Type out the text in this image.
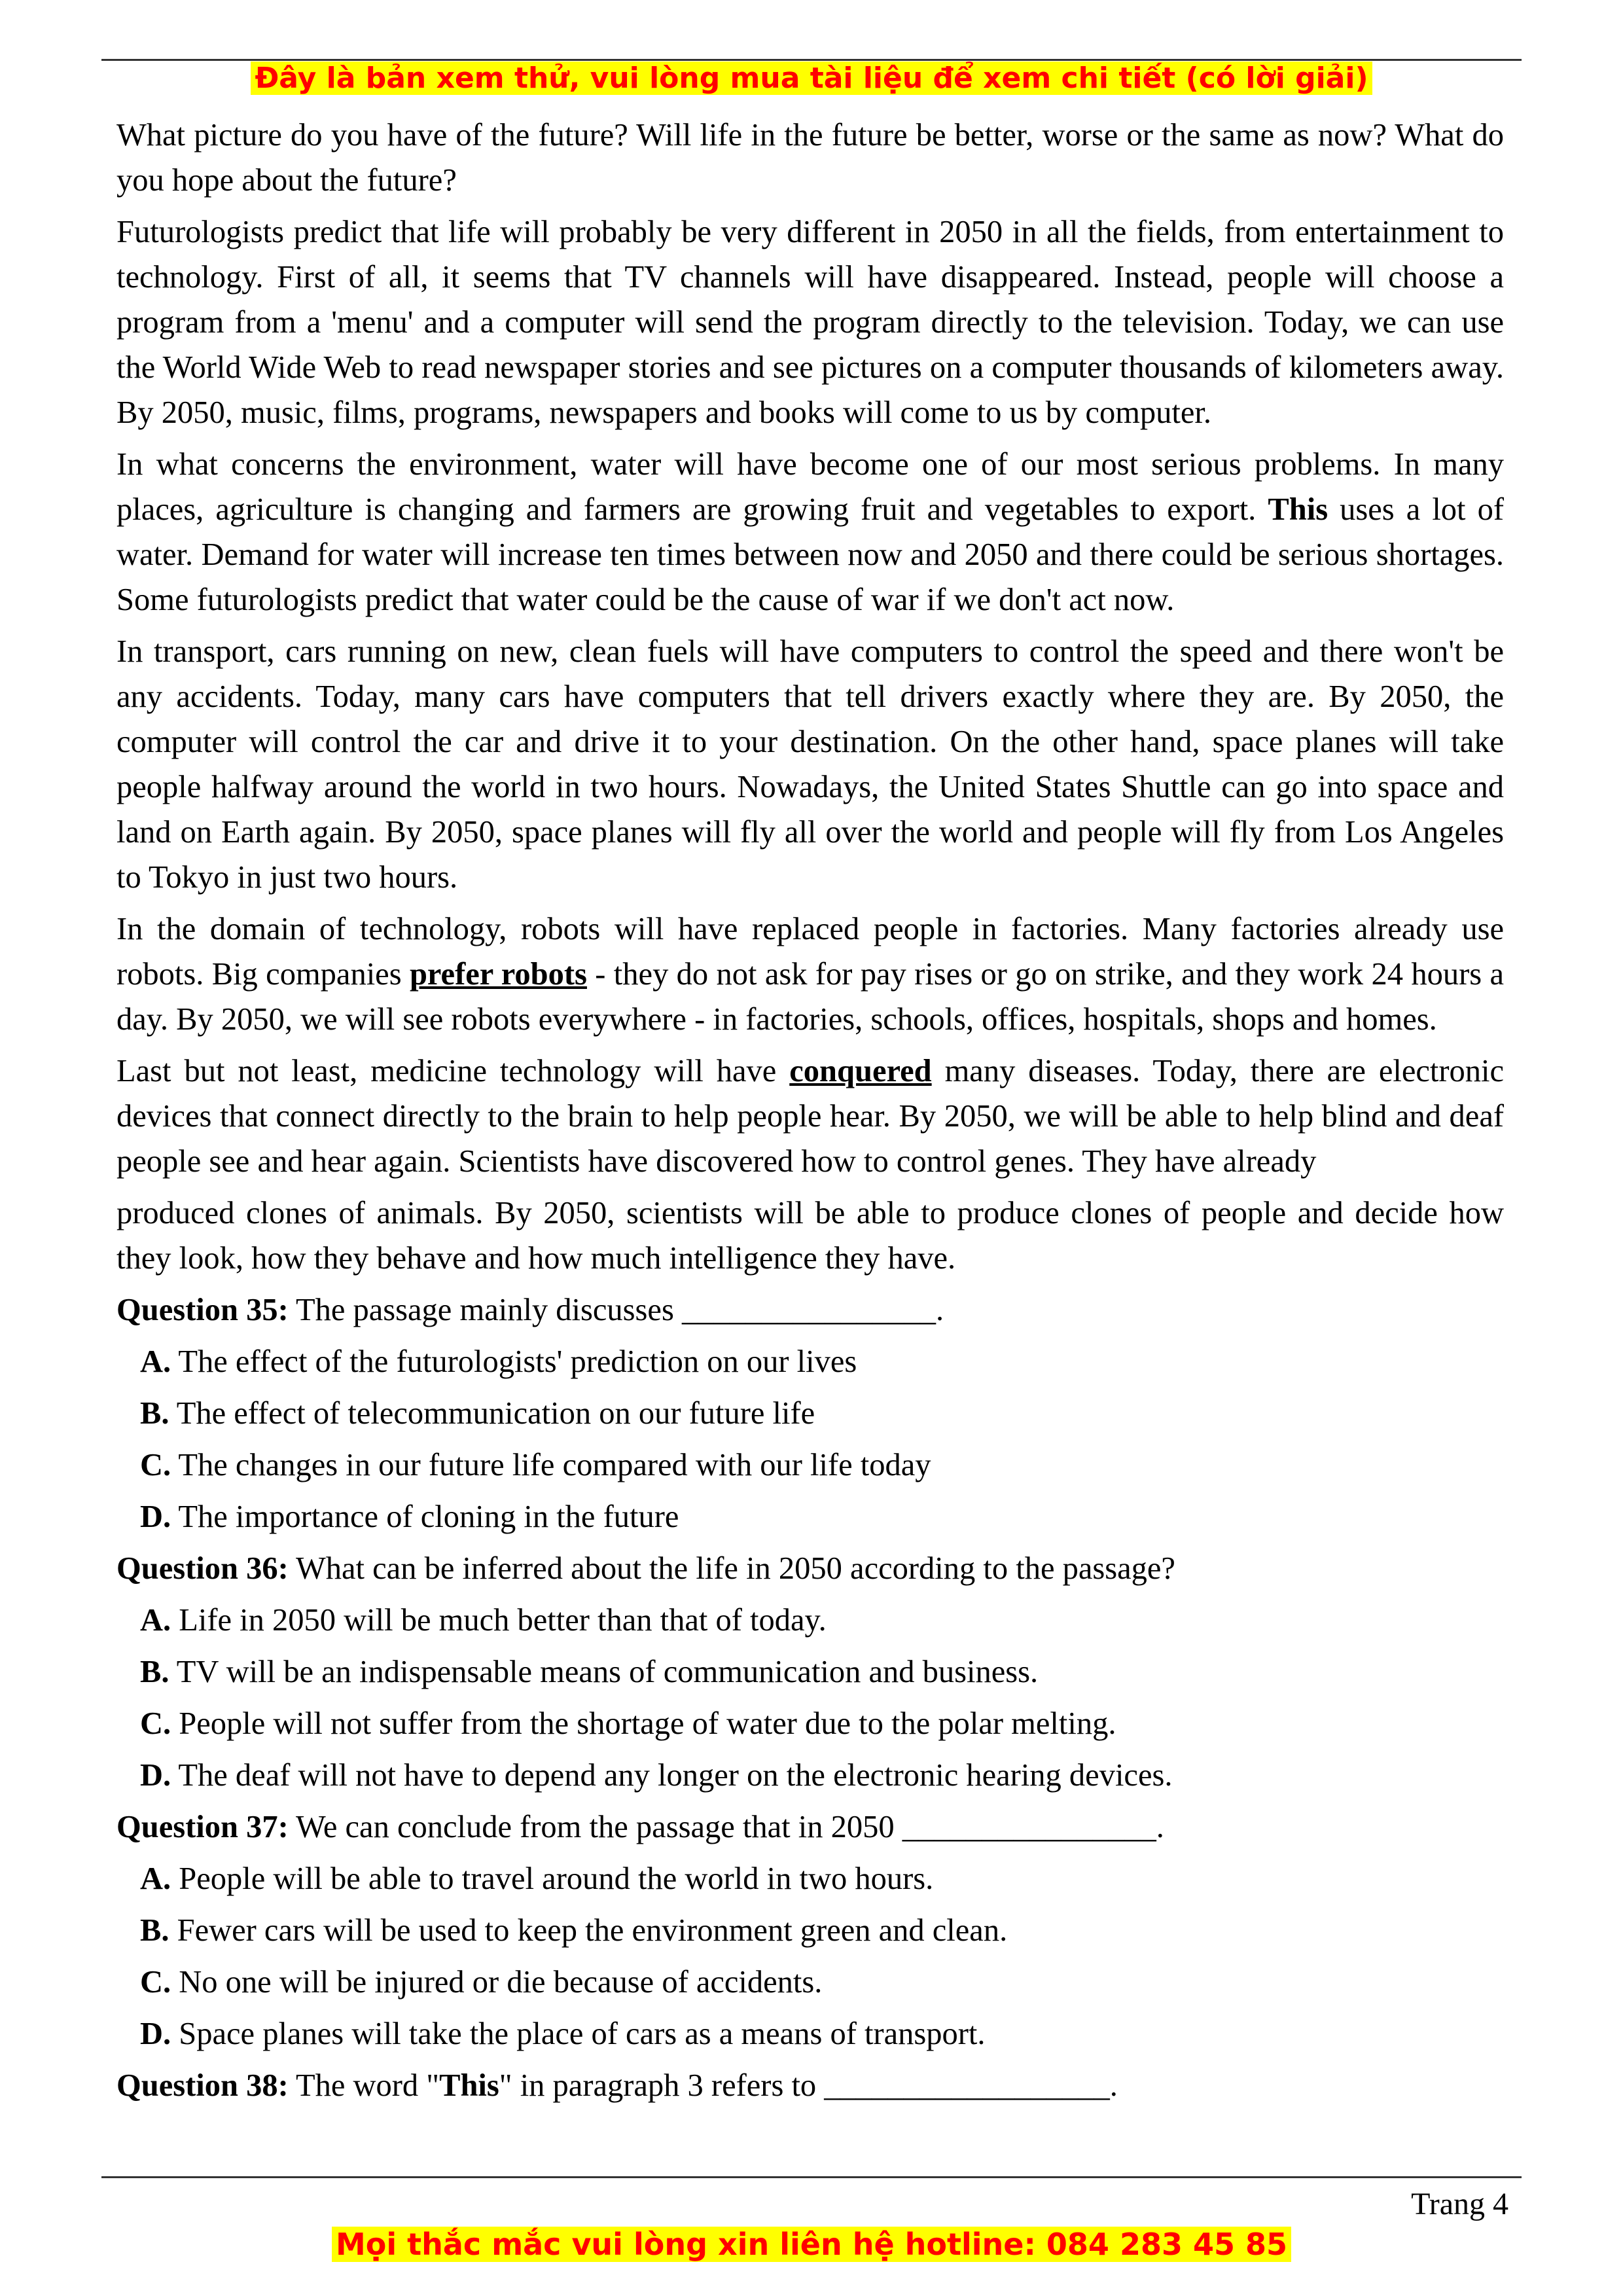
Đây là bản xem thử, vui lòng mua tài liệu để xem chi tiết (có lời giải)

What picture do you have of the future? Will life in the future be better, worse or the same as now? What do you hope about the future?

Futurologists predict that life will probably be very different in 2050 in all the fields, from entertainment to technology. First of all, it seems that TV channels will have disappeared. Instead, people will choose a program from a 'menu' and a computer will send the program directly to the television. Today, we can use the World Wide Web to read newspaper stories and see pictures on a computer thousands of kilometers away. By 2050, music, films, programs, newspapers and books will come to us by computer.

In what concerns the environment, water will have become one of our most serious problems. In many places, agriculture is changing and farmers are growing fruit and vegetables to export. This uses a lot of water. Demand for water will increase ten times between now and 2050 and there could be serious shortages. Some futurologists predict that water could be the cause of war if we don't act now.

In transport, cars running on new, clean fuels will have computers to control the speed and there won't be any accidents. Today, many cars have computers that tell drivers exactly where they are. By 2050, the computer will control the car and drive it to your destination. On the other hand, space planes will take people halfway around the world in two hours. Nowadays, the United States Shuttle can go into space and land on Earth again. By 2050, space planes will fly all over the world and people will fly from Los Angeles to Tokyo in just two hours.

In the domain of technology, robots will have replaced people in factories. Many factories already use robots. Big companies prefer robots - they do not ask for pay rises or go on strike, and they work 24 hours a day. By 2050, we will see robots everywhere - in factories, schools, offices, hospitals, shops and homes.

Last but not least, medicine technology will have conquered many diseases. Today, there are electronic devices that connect directly to the brain to help people hear. By 2050, we will be able to help blind and deaf people see and hear again. Scientists have discovered how to control genes. They have already

produced clones of animals. By 2050, scientists will be able to produce clones of people and decide how they look, how they behave and how much intelligence they have.

Question 35: The passage mainly discusses ________________.

A. The effect of the futurologists' prediction on our lives

B. The effect of telecommunication on our future life

C. The changes in our future life compared with our life today

D. The importance of cloning in the future

Question 36: What can be inferred about the life in 2050 according to the passage?

A. Life in 2050 will be much better than that of today.

B. TV will be an indispensable means of communication and business.

C. People will not suffer from the shortage of water due to the polar melting.

D. The deaf will not have to depend any longer on the electronic hearing devices.

Question 37: We can conclude from the passage that in 2050 ________________.

A. People will be able to travel around the world in two hours.

B. Fewer cars will be used to keep the environment green and clean.

C. No one will be injured or die because of accidents.

D. Space planes will take the place of cars as a means of transport.

Question 38: The word "This" in paragraph 3 refers to __________________.

Trang 4
Mọi thắc mắc vui lòng xin liên hệ hotline: 084 283 45 85
